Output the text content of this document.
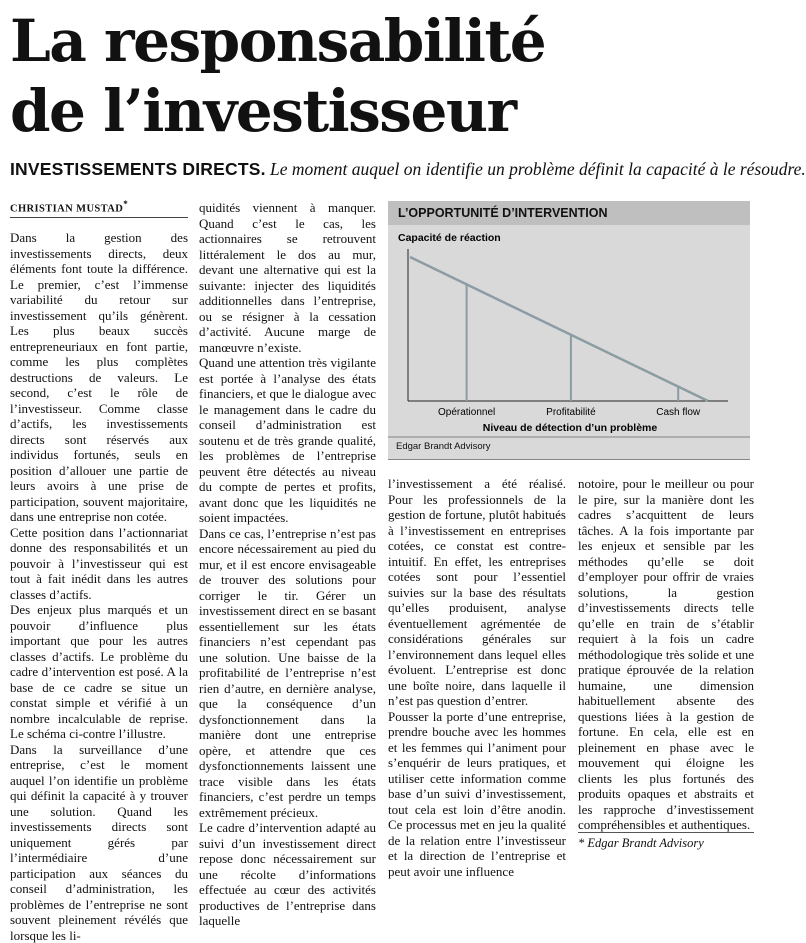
La responsabilité
de l’investisseur
INVESTISSEMENTS DIRECTS. Le moment auquel on identifie un problème définit la capacité à le résoudre.
CHRISTIAN MUSTAD*

Dans la gestion des investissements directs, deux éléments font toute la différence. Le premier, c’est l’immense variabilité du retour sur investissement qu’ils génèrent. Les plus beaux succès entrepreneuriaux en font partie, comme les plus complètes destructions de valeurs. Le second, c’est le rôle de l’investisseur. Comme classe d’actifs, les investissements directs sont réservés aux individus fortunés, seuls en position d’allouer une partie de leurs avoirs à une prise de participation, souvent majoritaire, dans une entreprise non cotée.

Cette position dans l’actionnariat donne des responsabilités et un pouvoir à l’investisseur qui est tout à fait inédit dans les autres classes d’actifs.

Des enjeux plus marqués et un pouvoir d’influence plus important que pour les autres classes d’actifs. Le problème du cadre d’intervention est posé. A la base de ce cadre se situe un constat simple et vérifié à un nombre incalculable de reprise. Le schéma ci-contre l’illustre.

Dans la surveillance d’une entreprise, c’est le moment auquel l’on identifie un problème qui définit la capacité à y trouver une solution. Quand les investissements directs sont uniquement gérés par l’intermédiaire d’une participation aux séances du conseil d’administration, les problèmes de l’entreprise ne sont souvent pleinement révélés que lorsque les li-

quidités viennent à manquer. Quand c’est le cas, les actionnaires se retrouvent littéralement le dos au mur, devant une alternative qui est la suivante: injecter des liquidités additionnelles dans l’entreprise, ou se résigner à la cessation d’activité. Aucune marge de manœuvre n’existe.

Quand une attention très vigilante est portée à l’analyse des états financiers, et que le dialogue avec le management dans le cadre du conseil d’administration est soutenu et de très grande qualité, les problèmes de l’entreprise peuvent être détectés au niveau du compte de pertes et profits, avant donc que les liquidités ne soient impactées.

Dans ce cas, l’entreprise n’est pas encore nécessairement au pied du mur, et il est encore envisageable de trouver des solutions pour corriger le tir. Gérer un investissement direct en se basant essentiellement sur les états financiers n’est cependant pas une solution. Une baisse de la profitabilité de l’entreprise n’est rien d’autre, en dernière analyse, que la conséquence d’un dysfonctionnement dans la manière dont une entreprise opère, et attendre que ces dysfonctionnements laissent une trace visible dans les états financiers, c’est perdre un temps extrêmement précieux.

Le cadre d’intervention adapté au suivi d’un investissement direct repose donc nécessairement sur une récolte d’informations effectuée au cœur des activités productives de l’entreprise dans laquelle

L’OPPORTUNITÉ D’INTERVENTION
Capacité de réaction
Opérationnel	Profitabilité	Cash flow
Niveau de détection d’un problème
Edgar Brandt Advisory

l’investissement a été réalisé. Pour les professionnels de la gestion de fortune, plutôt habitués à l’investissement en entreprises cotées, ce constat est contre-intuitif. En effet, les entreprises cotées sont pour l’essentiel suivies sur la base des résultats qu’elles produisent, analyse éventuellement agrémentée de considérations générales sur l’environnement dans lequel elles évoluent. L’entreprise est donc une boîte noire, dans laquelle il n’est pas question d’entrer.

Pousser la porte d’une entreprise, prendre bouche avec les hommes et les femmes qui l’animent pour s’enquérir de leurs pratiques, et utiliser cette information comme base d’un suivi d’investissement, tout cela est loin d’être anodin. Ce processus met en jeu la qualité de la relation entre l’investisseur et la direction de l’entreprise et peut avoir une influence

notoire, pour le meilleur ou pour le pire, sur la manière dont les cadres s’acquittent de leurs tâches. A la fois importante par les enjeux et sensible par les méthodes qu’elle se doit d’employer pour offrir de vraies solutions, la gestion d’investissements directs telle qu’elle en train de s’établir requiert à la fois un cadre méthodologique très solide et une pratique éprouvée de la relation humaine, une dimension habituellement absente des questions liées à la gestion de fortune. En cela, elle est en pleinement en phase avec le mouvement qui éloigne les clients les plus fortunés des produits opaques et abstraits et les rapproche d’investissement compréhensibles et authentiques.

* Edgar Brandt Advisory
